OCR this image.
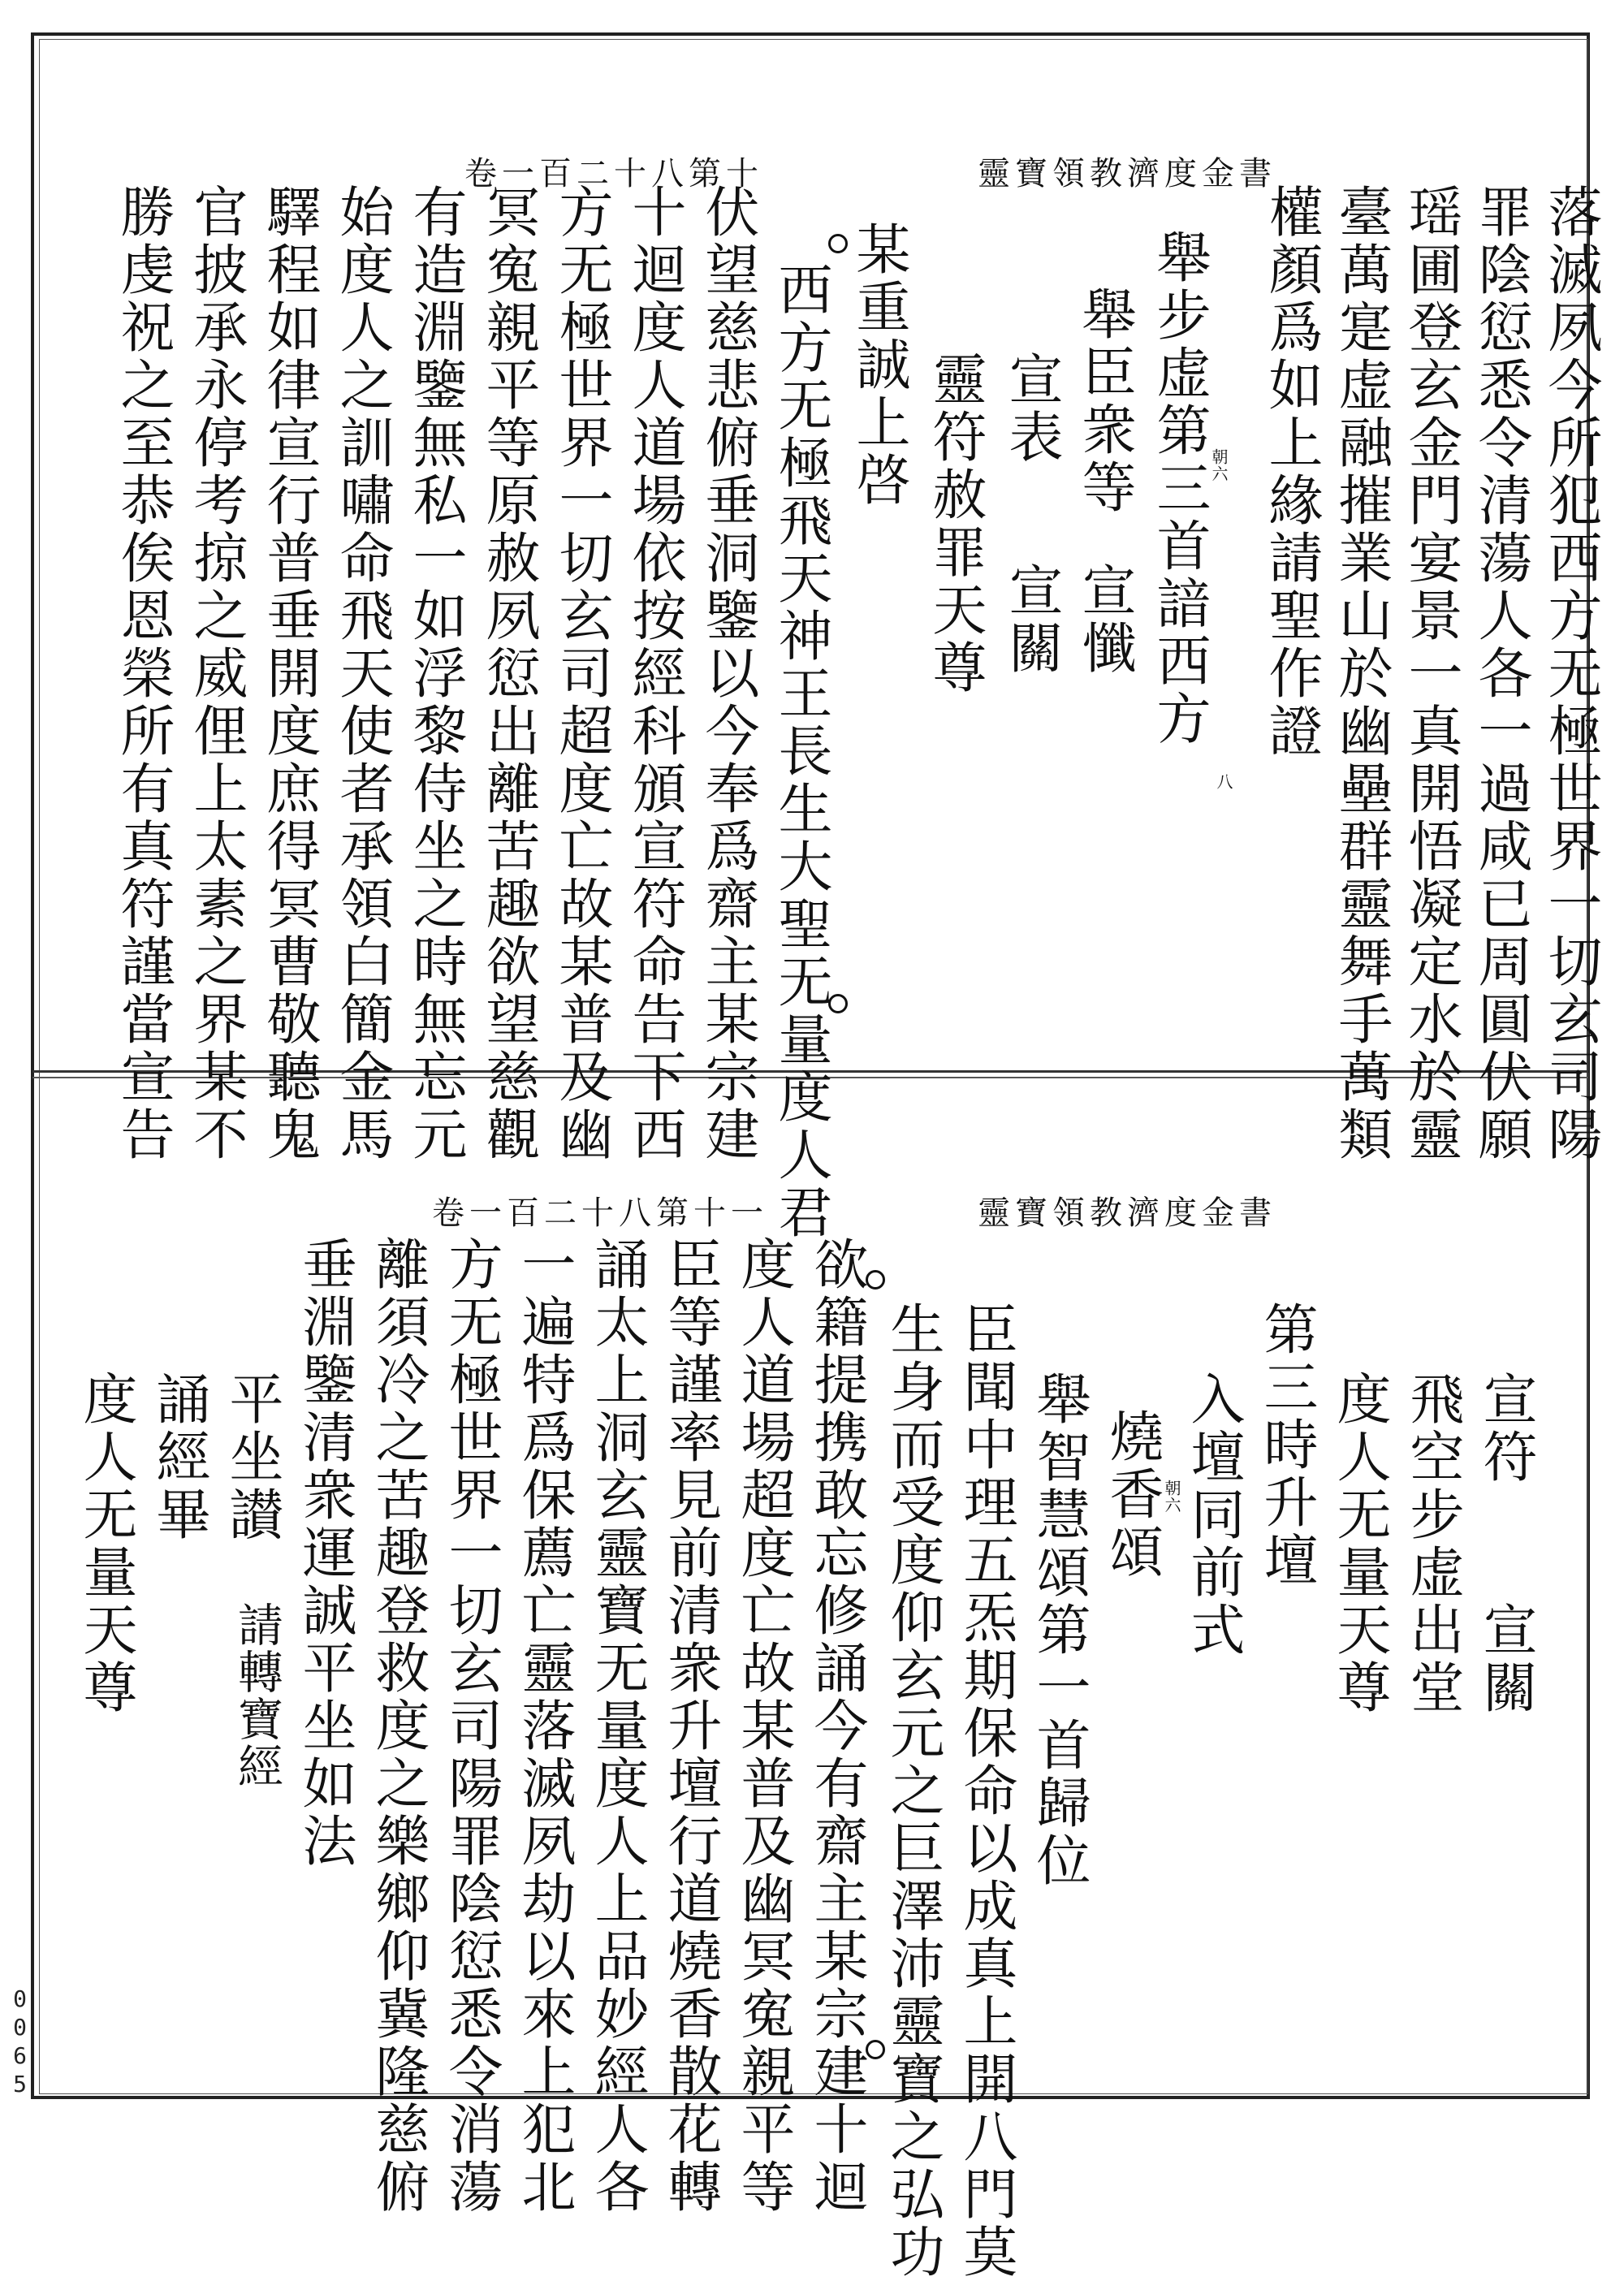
靈寶領教濟度金書
卷一百二十八第十
落滅夙今所犯西方无極世界一切玄司陽
罪陰愆悉令清蕩人各一過咸已周圓伏願
瑶圃登玄金門宴景一真開悟凝定水於靈
臺萬寔虚融摧業山於幽壘群靈舞手萬類
權顏爲如上緣請聖作證
朝六
舉步虚第三首諳西方
八
舉臣衆等
宣懺
宣表
宣關
靈符赦罪天尊
某重誠上啓
西方无極飛天神王長生大聖无量度人君
伏望慈悲俯垂洞鑒以今奉爲齋主某宗建
十迴度人道場依按經科頒宣符命告下西
方无極世界一切玄司超度亡故某普及幽
冥寃親平等原赦夙愆出離苦趣欲望慈觀
有造淵鑒無私一如浮黎侍坐之時無忘元
始度人之訓嘯命飛天使者承領白簡金馬
驛程如律宣行普垂開度庶得冥曹敬聽鬼
官披承永停考掠之威俚上太素之界某不
勝虔祝之至恭俟恩榮所有真符謹當宣告
靈寶領教濟度金書
卷一百二十八第十一
宣符
宣關
飛空步虚
出堂
度人无量天尊
第三時升壇
入壇同前式
朝六
燒香頌
舉智慧頌第一首歸位
臣聞中理五炁期保命以成真上開八門莫
生身而受度仰玄元之巨澤沛靈寶之弘功
欲籍提携敢忘修誦今有齋主某宗建十迴
度人道場超度亡故某普及幽冥寃親平等
臣等謹率見前清衆升壇行道燒香散花轉
誦太上洞玄靈寶无量度人上品妙經人各
一遍特爲保薦亡靈落滅夙劫以來上犯北
方无極世界一切玄司陽罪陰愆悉令消蕩
離須冷之苦趣登救度之樂鄉仰冀隆慈俯
垂淵鑒清衆運誠平坐如法
平坐讃
請轉寶經
誦經畢
度人无量天尊
0065
